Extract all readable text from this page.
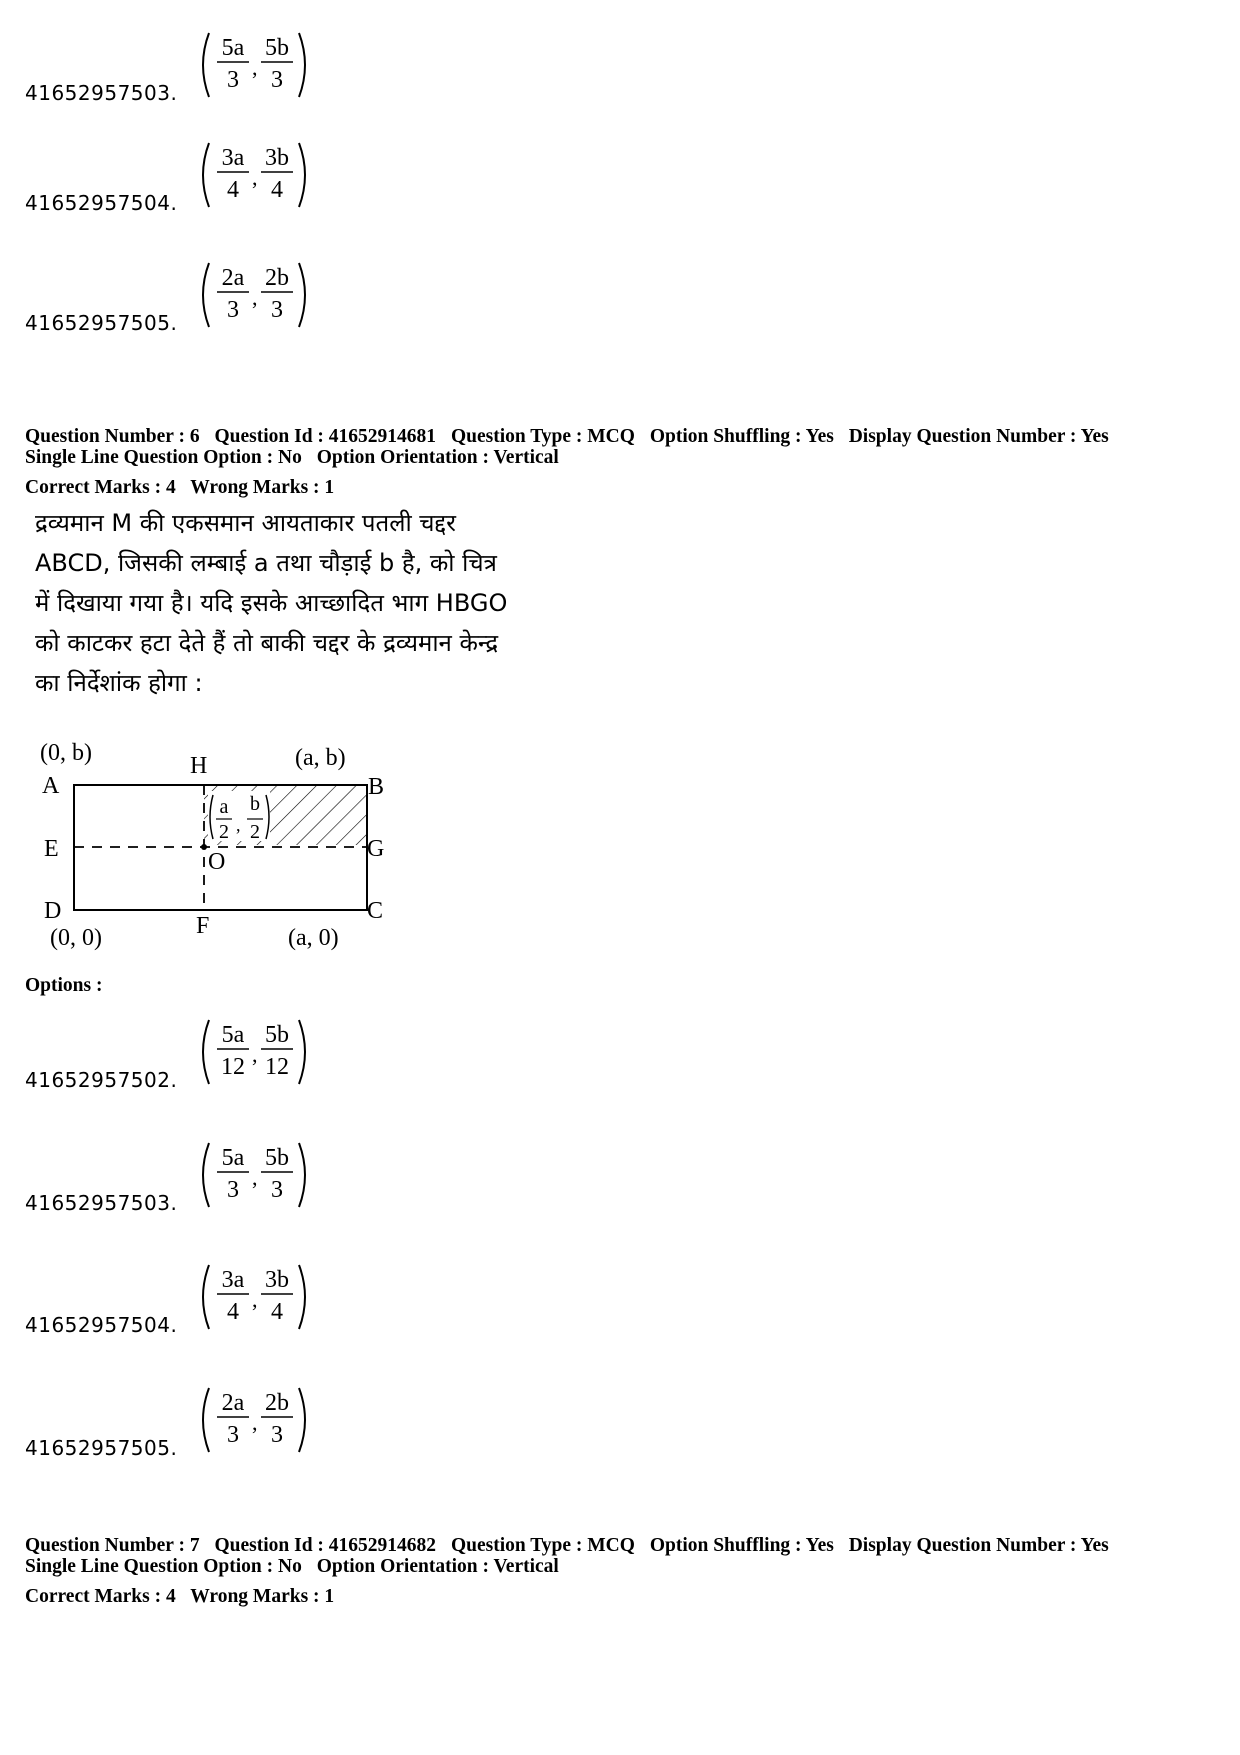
5a
3 ,
5b
3
41652957503.
3a
4 ,
3b
4
41652957504.
2a
3 ,
2b
3
41652957505.
Question Number : 6 Question Id : 41652914681 Question Type : MCQ Option Shuffling : Yes Display Question Number : Yes
Single Line Question Option : No Option Orientation : Vertical
Correct Marks : 4 Wrong Marks : 1
द्रव्यमान M की एकसमान आयताकार पतली चद्दर
ABCD, जिसकी लम्बाई a तथा चौड़ाई b है, को चित्र
में दिखाया गया है। यदि इसके आच्छादित भाग HBGO
को काटकर हटा देते हैं तो बाकी चद्दर के द्रव्यमान केन्द्र
का निर्देशांक होगा :
a
2 ,
b
2
(0, b)	(a, b)
H
A	B
E	G
O
D	C
F
(0, 0)	(a, 0)
Options :
5a
12 ,
5b
12
41652957502.
5a
3 ,
5b
3
41652957503.
3a
4 ,
3b
4
41652957504.
2a
3 ,
2b
3
41652957505.
Question Number : 7 Question Id : 41652914682 Question Type : MCQ Option Shuffling : Yes Display Question Number : Yes
Single Line Question Option : No Option Orientation : Vertical
Correct Marks : 4 Wrong Marks : 1
